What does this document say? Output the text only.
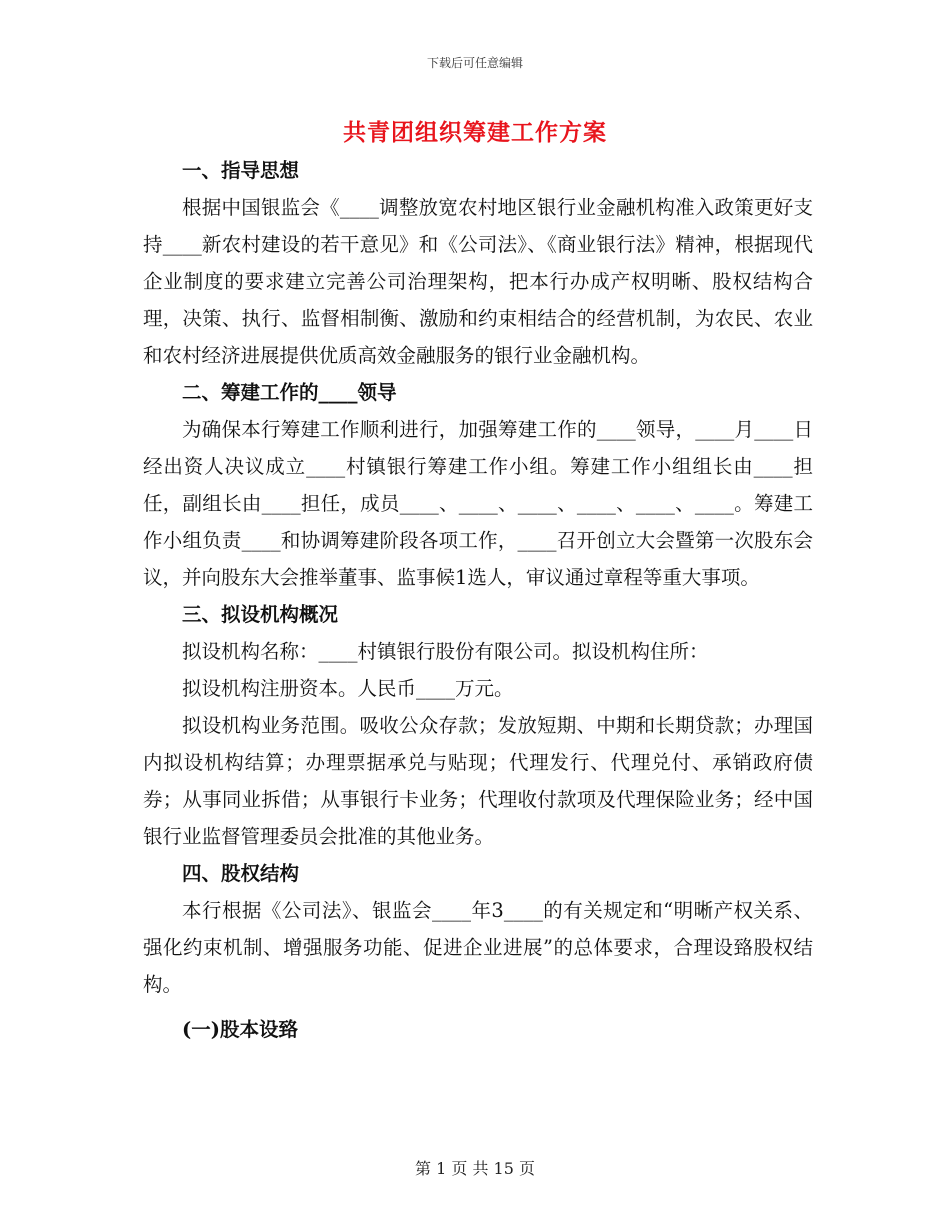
下载后可任意编辑
共青团组织筹建工作方案
一、指导思想

根据中国银监会《____调整放宽农村地区银行业金融机构准入政策更好支持____新农村建设的若干意见》和《公司法》、《商业银行法》精神，根据现代企业制度的要求建立完善公司治理架构，把本行办成产权明晰、股权结构合理，决策、执行、监督相制衡、激励和约束相结合的经营机制，为农民、农业和农村经济进展提供优质高效金融服务的银行业金融机构。

二、筹建工作的____领导

为确保本行筹建工作顺利进行，加强筹建工作的____领导，____月____日经出资人决议成立____村镇银行筹建工作小组。筹建工作小组组长由____担任，副组长由____担任，成员____、____、____、____、____、____。筹建工作小组负责____和协调筹建阶段各项工作，____召开创立大会暨第一次股东会议，并向股东大会推举董事、监事候1选人，审议通过章程等重大事项。

三、拟设机构概况

拟设机构名称：____村镇银行股份有限公司。拟设机构住所：

拟设机构注册资本。人民币____万元。

拟设机构业务范围。吸收公众存款；发放短期、中期和长期贷款；办理国内拟设机构结算；办理票据承兑与贴现；代理发行、代理兑付、承销政府债券；从事同业拆借；从事银行卡业务；代理收付款项及代理保险业务；经中国银行业监督管理委员会批准的其他业务。

四、股权结构

本行根据《公司法》、银监会____年3____的有关规定和“明晰产权关系、强化约束机制、增强服务功能、促进企业进展”的总体要求，合理设臵股权结构。

(一)股本设臵
第 1 页 共 15 页
